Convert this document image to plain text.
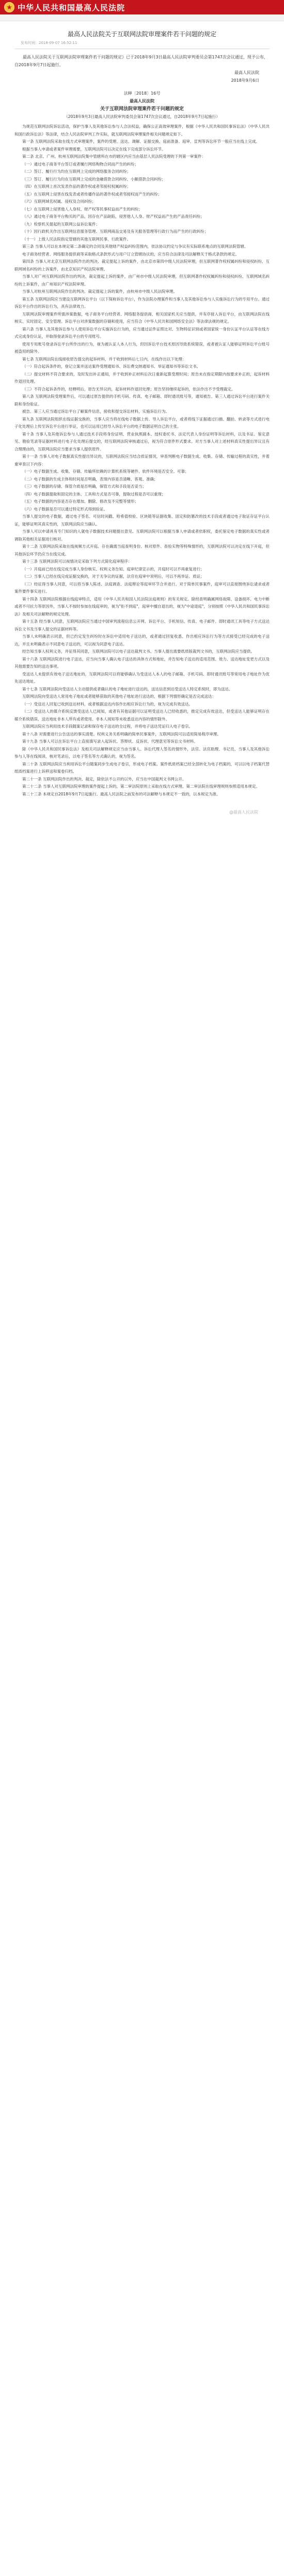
中华人民共和国最高人民法院
最高人民法院关于互联网法院审理案件若干问题的规定
发布时间：2018-09-07 16:52:11

最高人民法院关于互联网法院审理案件若干问题的规定》已于2018年9月3日最高人民法院审判委员会第1747次会议通过，现予公布，自2018年9月7日起施行。

最高人民法院

2018年9月6日

法释〔2018〕16号

最高人民法院

关于互联网法院审理案件若干问题的规定

（2018年9月3日最高人民法院审判委员会第1747次会议通过，自2018年9月7日起施行）

为规范互联网法院诉讼活动，保护当事人及其他诉讼参与人合法权益，确保公正高效审理案件，根据《中华人民共和国民事诉讼法》《中华人民共和国行政诉讼法》等法律，结合人民法院审判工作实际，就互联网法院审理案件相关问题规定如下。

第一条 互联网法院采取在线方式审理案件，案件的受理、送达、调解、证据交换、庭前准备、庭审、宣判等诉讼环节一般应当在线上完成。

根据当事人申请或者案件审理需要，互联网法院可以决定在线下完成部分诉讼环节。

第二条 北京、广州、杭州互联网法院集中管辖所在市的辖区内应当由基层人民法院受理的下列第一审案件：

（一）通过电子商务平台签订或者履行网络购物合同而产生的纠纷；

（二）签订、履行行为均在互联网上完成的网络服务合同纠纷；

（三）签订、履行行为均在互联网上完成的金融借款合同纠纷、小额借款合同纠纷；

（四）在互联网上首次发表作品的著作权或者邻接权权属纠纷；

（五）在互联网上侵害在线发表或者传播作品的著作权或者邻接权而产生的纠纷；

（六）互联网域名权属、侵权及合同纠纷；

（七）在互联网上侵害他人人身权、财产权等民事权益而产生的纠纷；

（八）通过电子商务平台购买的产品，因存在产品缺陷，侵害他人人身、财产权益而产生的产品责任纠纷；

（九）检察机关提起的互联网公益诉讼案件；

（十）因行政机关作出互联网信息服务管理、互联网商品交易及有关服务管理等行政行为而产生的行政纠纷；

（十一）上级人民法院指定管辖的其他互联网民事、行政案件。

第三条 当事人可以在本规定第二条确定的合同及其他财产权益纠纷范围内，依法协议约定与争议有实际联系地点的互联网法院管辖。

电子商务经营者、网络服务提供商等采取格式条款形式与用户订立管辖协议的，应当符合法律及司法解释关于格式条款的规定。

第四条 当事人对北京互联网法院作出的判决、裁定提起上诉的案件，由北京市第四中级人民法院审理，但互联网著作权权属纠纷和侵权纠纷、互联网域名纠纷的上诉案件，由北京知识产权法院审理。

当事人对广州互联网法院作出的判决、裁定提起上诉的案件，由广州市中级人民法院审理，但互联网著作权权属纠纷和侵权纠纷、互联网域名纠纷的上诉案件，由广州知识产权法院审理。

当事人对杭州互联网法院作出的判决、裁定提起上诉的案件，由杭州市中级人民法院审理。

第五条 互联网法院应当建设互联网诉讼平台（以下简称诉讼平台），作为法院办理案件和当事人及其他诉讼参与人实施诉讼行为的专用平台。通过诉讼平台作出的诉讼行为，具有法律效力。

互联网法院审理案件所需涉案数据，电子商务平台经营者、网络服务提供商、相关国家机关应当提供，并有序接入诉讼平台，由互联网法院在线核实、实时固定、安全管理。诉讼平台对涉案数据的存储和使用，应当符合《中华人民共和国网络安全法》等法律法规的规定。

第六条 当事人及其他诉讼参与人使用诉讼平台实施诉讼行为的，应当通过证件证照比对、生物特征识别或者国家统一身份认证平台认证等在线方式完成身份认证，并取得登录诉讼平台的专用账号。

使用专用账号登录诉讼平台所作出的行为，视为被认证人本人行为，但因诉讼平台技术原因导致系统错误，或者被认证人能够证明诉讼平台账号被盗用的除外。

第七条 互联网法院在线接收原告提交的起诉材料，并于收到材料后七日内，在线作出以下处理：

（一）符合起诉条件的，登记立案并送达案件受理通知书、诉讼费交纳通知书、举证通知书等诉讼文书。

（二）提交材料不符合要求的，及时发出补正通知，并于收到补正材料后次日重新起算受理时间；原告未在指定期限内按要求补正的，起诉材料作退回处理。

（三）不符合起诉条件的，经释明后，原告无异议的，起诉材料作退回处理；原告坚持继续起诉的，依法作出不予受理裁定。

第八条 互联网法院受理案件后，可以通过原告提供的手机号码、传真、电子邮箱、即时通讯账号等，通知被告、第三人通过诉讼平台进行案件关联和身份验证。

被告、第三人应当通过诉讼平台了解案件信息，接收和提交诉讼材料，实施诉讼行为。

第九条 互联网法院组织在线证据交换的，当事人应当将在线电子数据上传、导入诉讼平台，或者将线下证据通过扫描、翻拍、转录等方式进行电子化处理后上传至诉讼平台进行举证，也可以运用已经导入诉讼平台的电子数据证明自己的主张。

第十条 当事人及其他诉讼参与人通过技术手段将身份证明、营业执照副本、授权委托书、法定代表人身份证明等诉讼材料，以及书证、鉴定意见、勘验笔录等证据材料进行电子化处理后提交的，经互联网法院审核通过后，视为符合原件形式要求。对方当事人对上述材料真实性提出异议且有合理理由的，互联网法院应当要求当事人提供原件。

第十一条 当事人对电子数据真实性提出异议的，互联网法院应当结合质证情况，审查判断电子数据生成、收集、存储、传输过程的真实性，并着重审查以下内容：

（一）电子数据生成、收集、存储、传输所依赖的计算机系统等硬件、软件环境是否安全、可靠；

（二）电子数据的生成主体和时间是否明确，表现内容是否清晰、客观、准确；

（三）电子数据的存储、保管介质是否明确，保管方式和手段是否妥当；

（四）电子数据提取和固定的主体、工具和方式是否可靠，提取过程是否可以重现；

（五）电子数据的内容是否存在增加、删除、修改及不完整等情形；

（六）电子数据是否可以通过特定形式得到验证。

当事人提交的电子数据，通过电子签名、可信时间戳、哈希值校验、区块链等证据收集、固定和防篡改的技术手段或者通过电子取证存证平台认证，能够证明其真实性的，互联网法院应当确认。

当事人可以申请具有专门知识的人就电子数据技术问题提出意见。互联网法院可以根据当事人申请或者依职权，委托鉴定电子数据的真实性或者调取其他相关证据进行核对。

第十二条 互联网法院采取在线视频方式开庭。存在确需当庭查明身份、核对原件、查验实物等特殊情形的，互联网法院可以决定在线下开庭，但其他诉讼环节仍应当在线完成。

第十三条 互联网法院可以视情决定采取下列方式简化庭审程序：

（一）开庭前已经在线完成当事人身份核实、权利义务告知、庭审纪律宣示的，开庭时可以不再重复进行；

（二）当事人已经在线完成证据交换的，对于无争议的证据，法官在庭审中说明后，可以不再举证、质证；

（三）经征得当事人同意，可以将当事人陈述、法庭调查、法庭辩论等庭审环节合并进行。对于简单民事案件，庭审可以直接围绕诉讼请求或者案件要件事实进行。

第十四条 互联网法院根据在线庭审特点，适用《中华人民共和国人民法院法庭规则》的有关规定。除经查明确属网络故障、设备损坏、电力中断或者不可抗力等原因外，当事人不按时参加在线庭审的，视为"拒不到庭"，庭审中擅自退出的，视为"中途退庭"，分别按照《中华人民共和国民事诉讼法》及相关司法解释的规定处理。

第十五条 经当事人同意，互联网法院应当通过中国审判流程信息公开网、诉讼平台、手机短信、传真、电子邮件、即时通讯工具等电子方式送达诉讼文书及当事人提交的证据材料等。

当事人未明确表示同意，但已约定发生纠纷时在诉讼中适用电子送达的，或者通过回复收悉、作出相应诉讼行为等方式接受已经完成的电子送达，并且未明确表示不同意电子送达的，可以视为同意电子送达。

经告知当事人权利义务，并征得其同意，互联网法院可以电子送达裁判文书。当事人提出需要纸质版裁判文书的，互联网法院应当提供。

第十六条 互联网法院进行电子送达，应当向当事人确认电子送达的具体方式和地址，并告知电子送达的适用范围、效力、送达地址变更方式以及其他需要告知的送达事项。

受送达人未提供有效电子送达地址的，互联网法院可以将能够确认为受送达人本人的电子邮箱、手机号码、即时通讯账号等常用电子地址作为优先送达地址。

第十七条 互联网法院向受送达人主动提供或者确认的电子地址进行送达的，送达信息到达受送达人特定系统时，即为送达。

互联网法院向受送达人常用电子地址或者能够获取的其他电子地址进行送达的，根据下列情形确定是否完成送达：

（一）受送达人回复已收到送达材料，或者根据送达内容作出相应诉讼行为的，视为完成有效送达。

（二）受送达人的媒介系统反馈受送达人已阅知，或者有其他证据可以证明受送达人已经收悉的，推定完成有效送达，但受送达人能够证明存在媒介系统错误、送达地址非本人所有或者使用、非本人阅知等未收悉送达内容的情形除外。

互联网法院应当利用技术手段随案记录和保存电子送达的全过程，并将电子送达凭证归入电子卷宗。

第十八条 对需要进行公告送达的事实清楚、权利义务关系明确的简单民事案件，互联网法院可以适用简易程序审理。

第十九条 当事人可以在诉讼平台上直接填写录入起诉状、答辩状、反诉状、代理意见等诉讼文书材料。

除《中华人民共和国民事诉讼法》及相关司法解释规定应当由当事人、诉讼代理人签名的情形外，法官、法官助理、书记员、当事人及其他诉讼参与人等在线阅读、核对笔录后，以电子签名等方式确认的，视为签名。

第二十条 互联网法院应当利用诉讼平台随案同步生成电子卷宗，形成电子档案。案件纸质档案已经全部转化为电子档案的，可以以电子档案代替纸质档案进行上诉移送和案卷归档。

第二十一条 互联网法院作出的判决、裁定，除依法不公开的以外，应当在中国裁判文书网公开。

第二十二条 当事人对互联网法院审理的案件提起上诉的，第二审法院原则上采取在线方式审理。第二审法院在线审理规则参照适用本规定。

第二十三条 本规定自2018年9月7日起施行。最高人民法院之前发布的司法解释与本规定不一致的，以本规定为准。

@最高人民法院
